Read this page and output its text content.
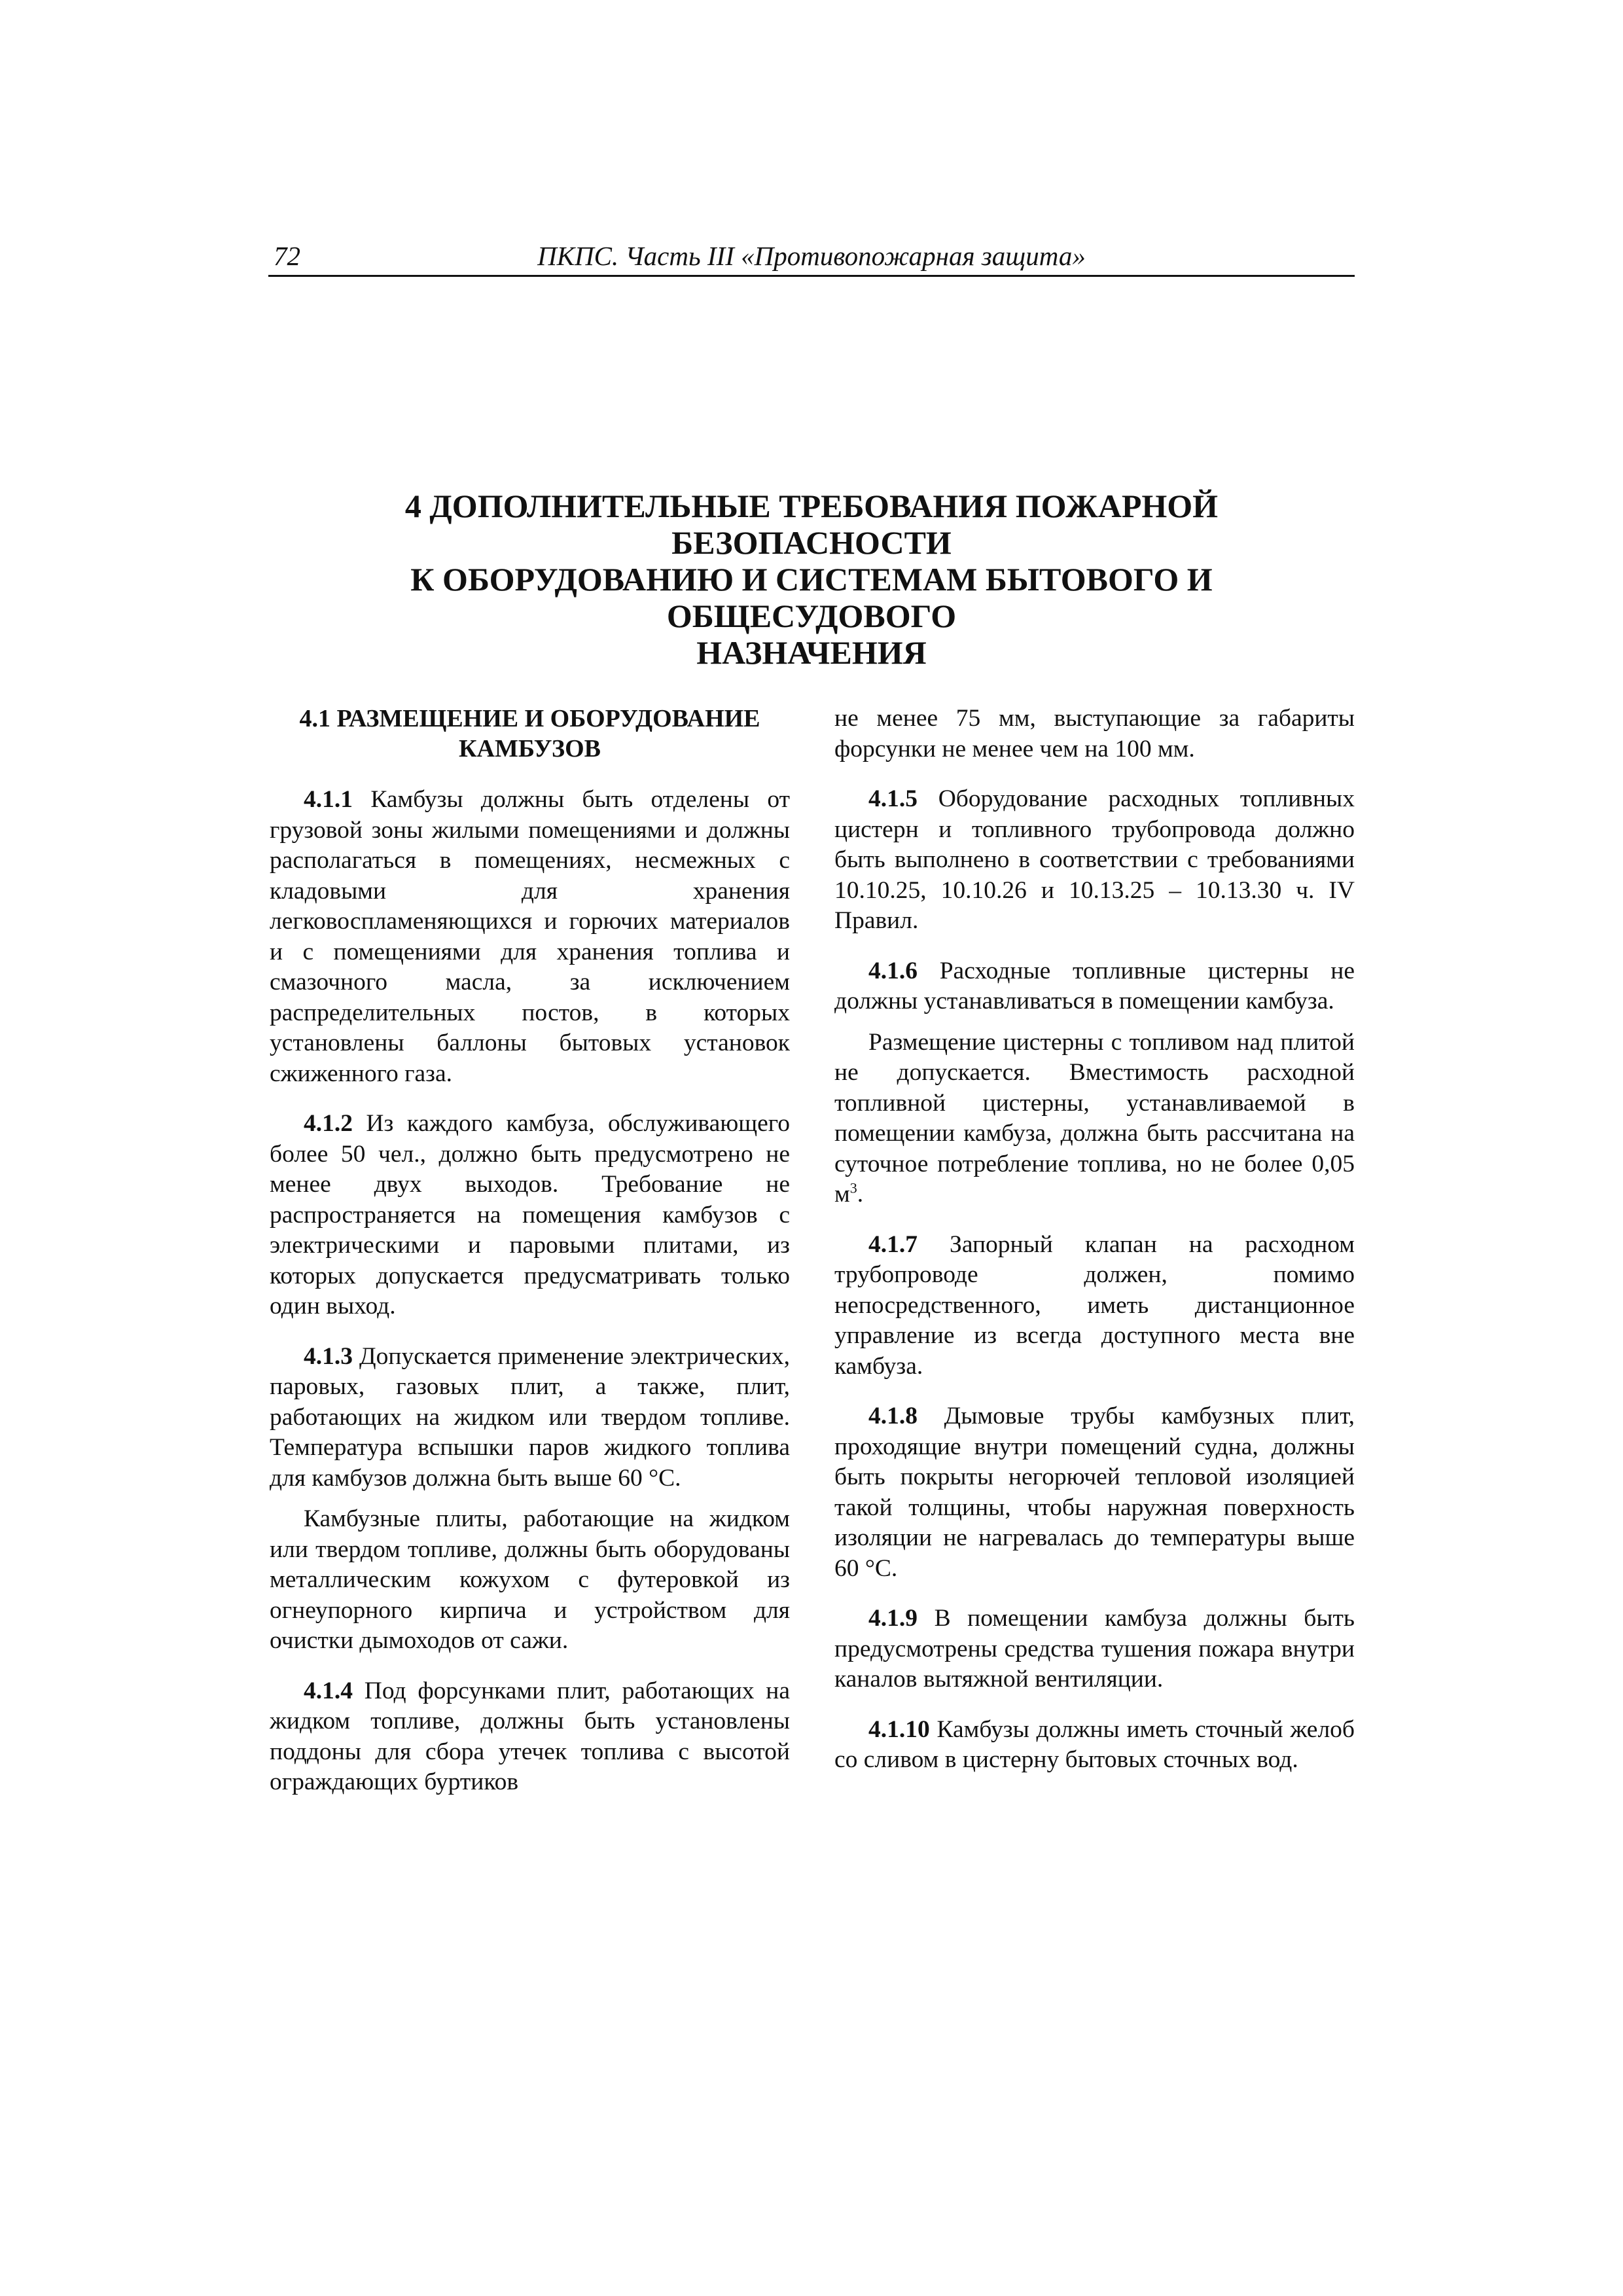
72	ПКПС. Часть III «Противопожарная защита»
4 ДОПОЛНИТЕЛЬНЫЕ ТРЕБОВАНИЯ ПОЖАРНОЙ БЕЗОПАСНОСТИ
К ОБОРУДОВАНИЮ И СИСТЕМАМ БЫТОВОГО И ОБЩЕСУДОВОГО
НАЗНАЧЕНИЯ
4.1 РАЗМЕЩЕНИЕ И ОБОРУДОВАНИЕ
КАМБУЗОВ

4.1.1 Камбузы должны быть отделены от грузовой зоны жилыми помещениями и должны располагаться в помещениях, несмежных с кладовыми для хранения легковоспламеняющихся и горючих материалов и с помещениями для хранения топлива и смазочного масла, за исключением распределительных постов, в которых установлены баллоны бытовых установок сжиженного газа.

4.1.2 Из каждого камбуза, обслуживающего более 50 чел., должно быть предусмотрено не менее двух выходов. Требование не распространяется на помещения камбузов с электрическими и паровыми плитами, из которых допускается предусматривать только один выход.

4.1.3 Допускается применение электрических, паровых, газовых плит, а также, плит, работающих на жидком или твердом топливе. Температура вспышки паров жидкого топлива для камбузов должна быть выше 60 °С.

Камбузные плиты, работающие на жидком или твердом топливе, должны быть оборудованы металлическим кожухом с футеровкой из огнеупорного кирпича и устройством для очистки дымоходов от сажи.

4.1.4 Под форсунками плит, работающих на жидком топливе, должны быть установлены поддоны для сбора утечек топлива с высотой ограждающих буртиков

не менее 75 мм, выступающие за габариты форсунки не менее чем на 100 мм.

4.1.5 Оборудование расходных топливных цистерн и топливного трубопровода должно быть выполнено в соответствии с требованиями 10.10.25, 10.10.26 и 10.13.25 – 10.13.30 ч. IV Правил.

4.1.6 Расходные топливные цистерны не должны устанавливаться в помещении камбуза.

Размещение цистерны с топливом над плитой не допускается. Вместимость расходной топливной цистерны, устанавливаемой в помещении камбуза, должна быть рассчитана на суточное потребление топлива, но не более 0,05 $м^3$.

4.1.7 Запорный клапан на расходном трубопроводе должен, помимо непосредственного, иметь дистанционное управление из всегда доступного места вне камбуза.

4.1.8 Дымовые трубы камбузных плит, проходящие внутри помещений судна, должны быть покрыты негорючей тепловой изоляцией такой толщины, чтобы наружная поверхность изоляции не нагревалась до температуры выше 60 °С.

4.1.9 В помещении камбуза должны быть предусмотрены средства тушения пожара внутри каналов вытяжной вентиляции.

4.1.10 Камбузы должны иметь сточный желоб со сливом в цистерну бытовых сточных вод.
